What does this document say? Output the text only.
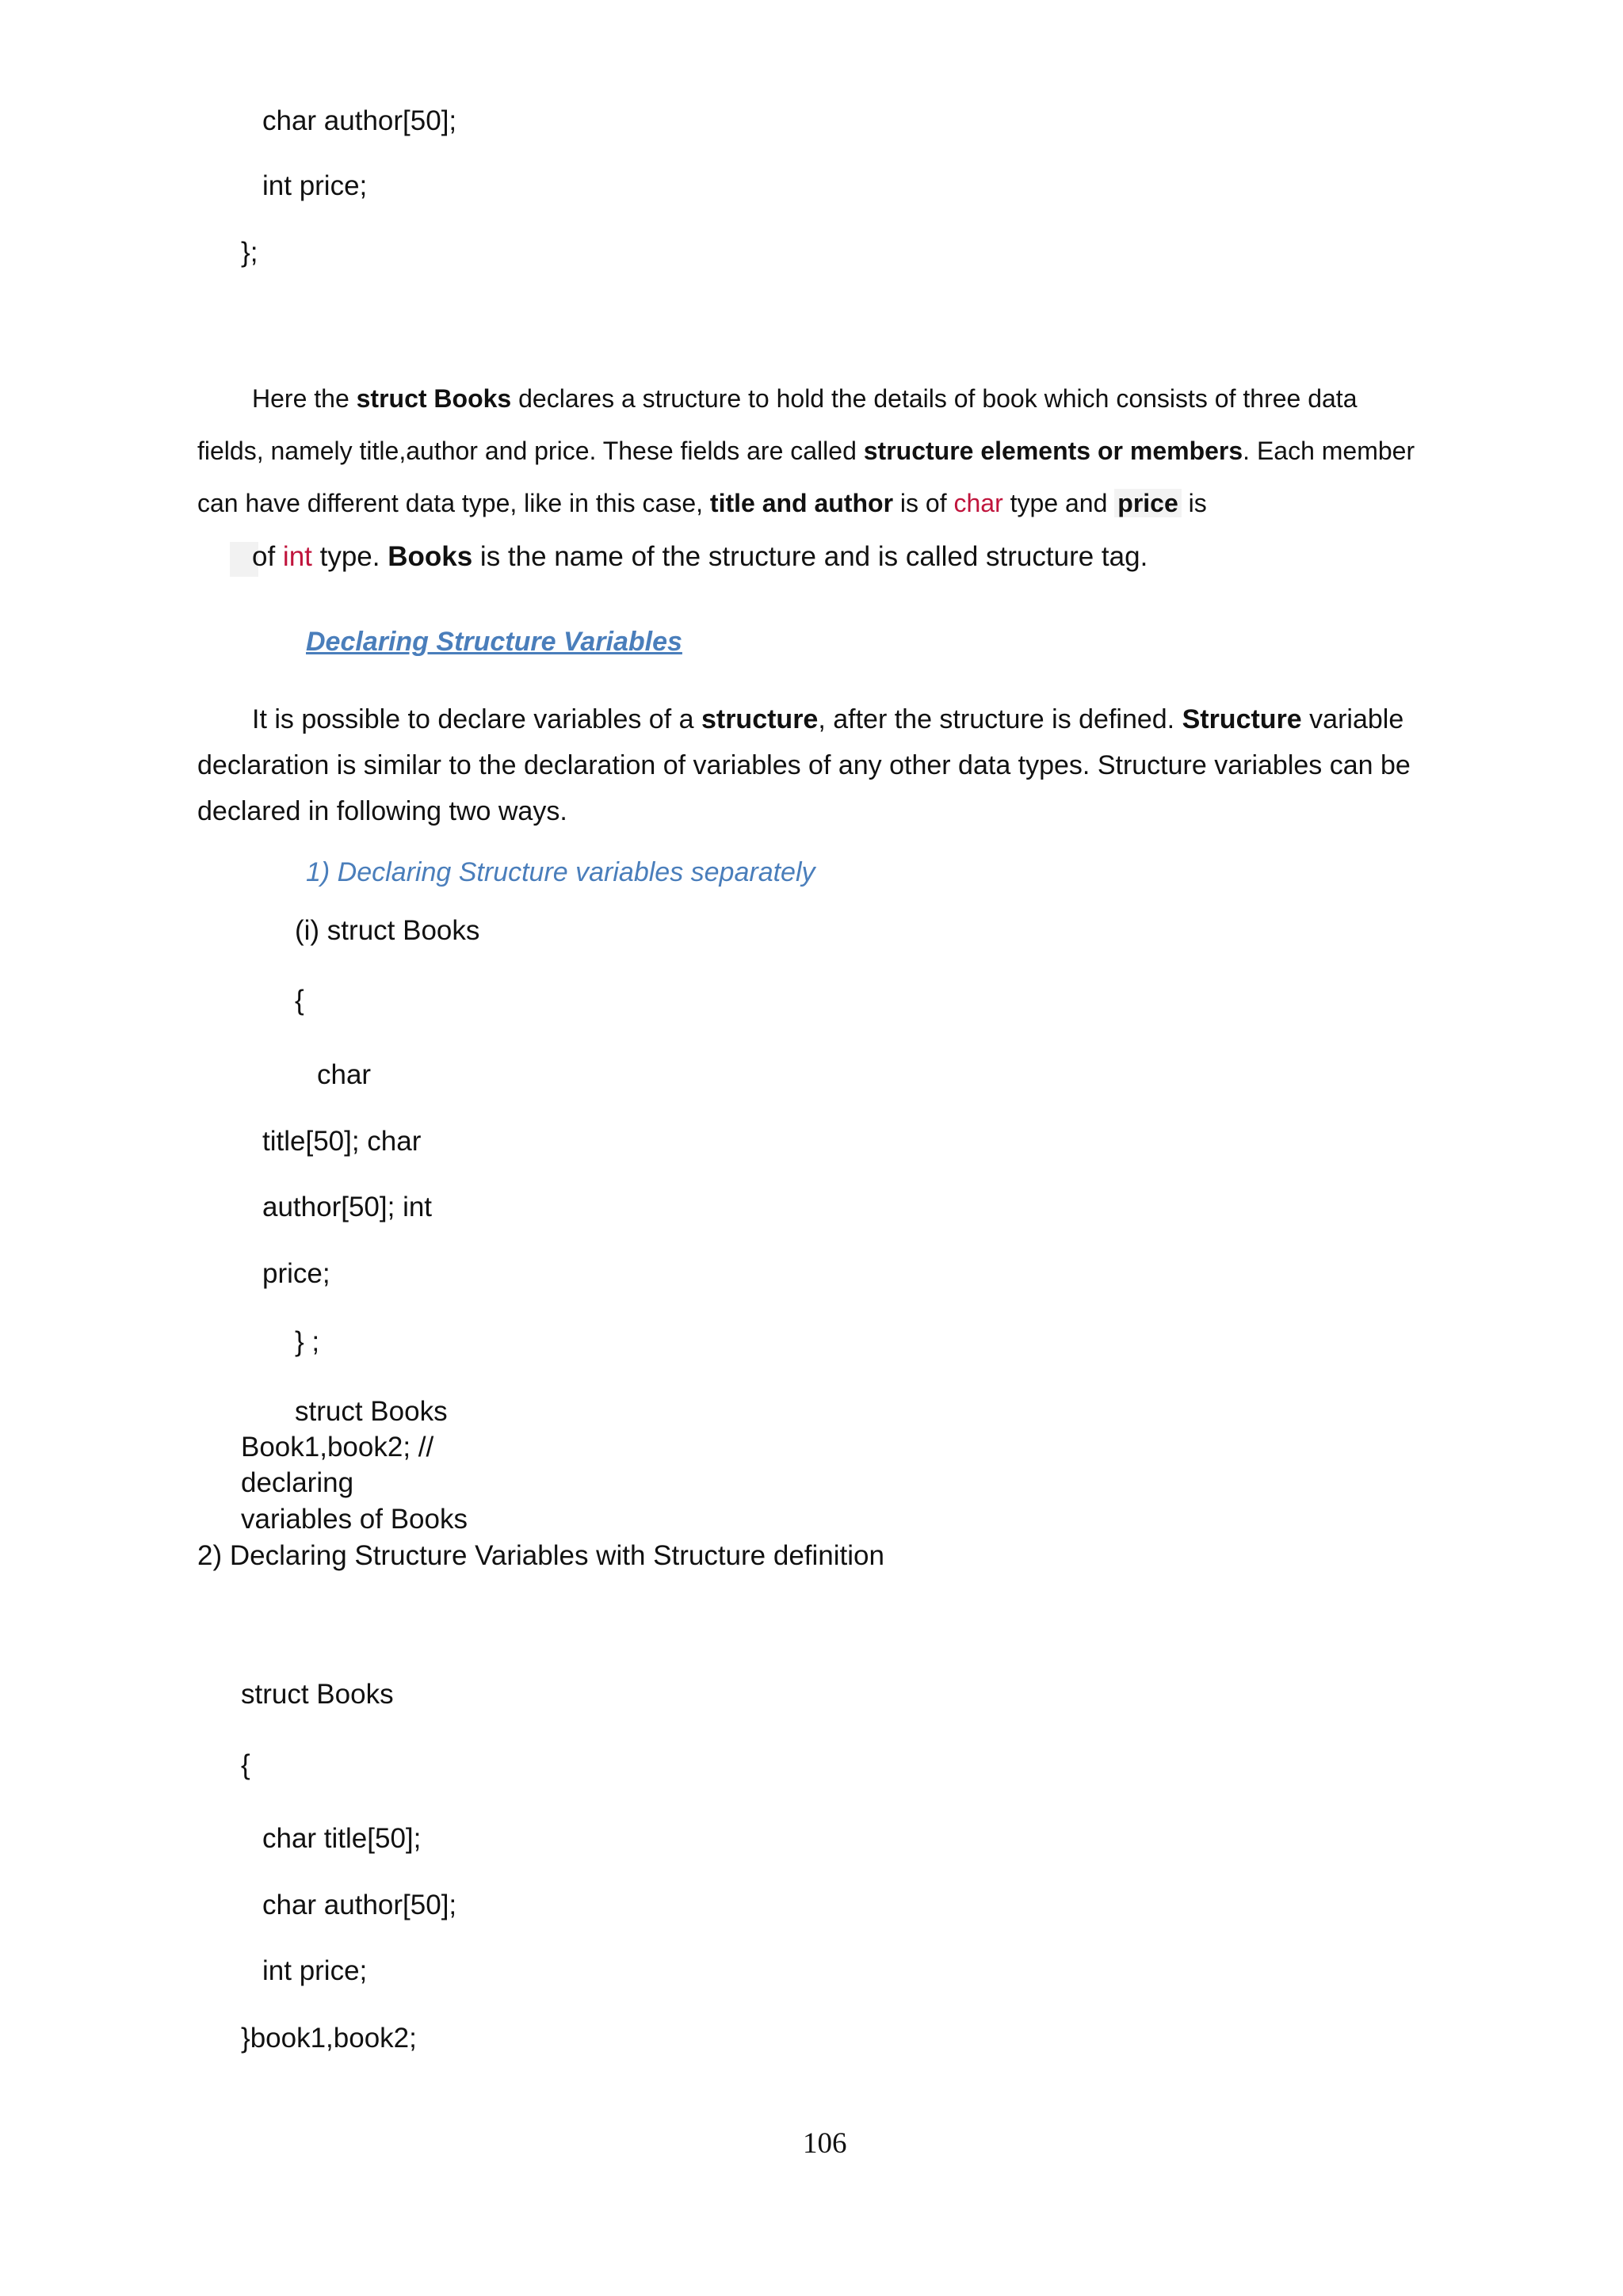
char author[50];

int price;

};

Here the struct Books declares a structure to hold the details of book which consists of three data

fields, namely title,author and price. These fields are called structure elements or members. Each member

can have different data type, like in this case, title and author is of char type and price is

of int type. Books is the name of the structure and is called structure tag.

Declaring Structure Variables

It is possible to declare variables of a structure, after the structure is defined. Structure variable

declaration is similar to the declaration of variables of any other data types. Structure variables can be

declared in following two ways.

1) Declaring Structure variables separately

(i) struct Books

{

char

title[50]; char

author[50]; int

price;

} ;

struct Books

Book1,book2; //

declaring

variables of Books

2) Declaring Structure Variables with Structure definition

struct Books

{

char title[50];

char author[50];

int price;

}book1,book2;

106
